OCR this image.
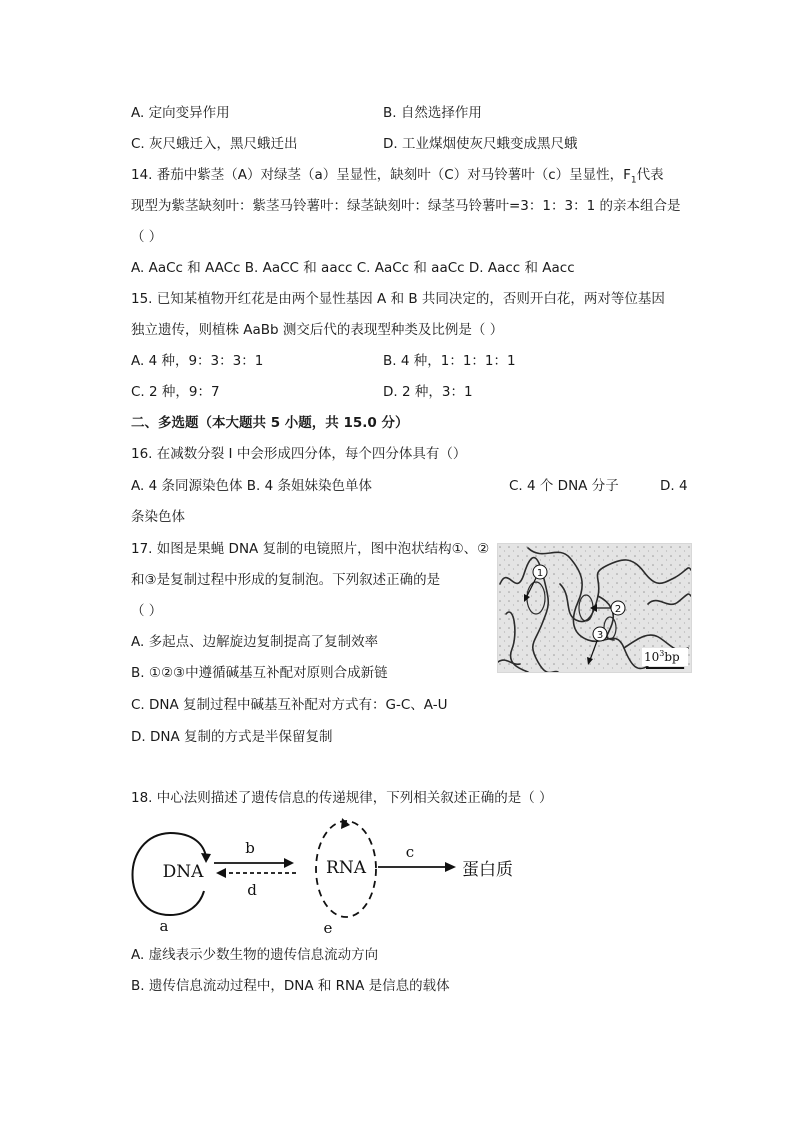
A. 定向变异作用	B. 自然选择作用
C. 灰尺蛾迁入，黑尺蛾迁出	D. 工业煤烟使灰尺蛾变成黑尺蛾
14. 番茄中紫茎（A）对绿茎（a）呈显性，缺刻叶（C）对马铃薯叶（c）呈显性，$F_1$代表
现型为紫茎缺刻叶：紫茎马铃薯叶：绿茎缺刻叶：绿茎马铃薯叶=3：1：3：1 的亲本组合是
（ ）
A. AaCc 和 AACc B. AaCC 和 aacc C. AaCc 和 aaCc D. Aacc 和 Aacc
15. 已知某植物开红花是由两个显性基因 A 和 B 共同决定的，否则开白花，两对等位基因
独立遗传，则植株 AaBb 测交后代的表现型种类及比例是（ ）
A. 4 种，9：3：3：1	B. 4 种，1：1：1：1
C. 2 种，9：7	D. 2 种，3：1
二、多选题（本大题共 5 小题，共 15.0 分）
16. 在减数分裂 I 中会形成四分体，每个四分体具有（）
A. 4 条同源染色体 B. 4 条姐妹染色单体	C. 4 个 DNA 分子	D. 4
条染色体
17. 如图是果蝇 DNA 复制的电镜照片，图中泡状结构①、②
和③是复制过程中形成的复制泡。下列叙述正确的是
（ ）
A. 多起点、边解旋边复制提高了复制效率
B. ①②③中遵循碱基互补配对原则合成新链
C. DNA 复制过程中碱基互补配对方式有：G-C、A-U
D. DNA 复制的方式是半保留复制
1
2
3
$10^3bp$
18. 中心法则描述了遗传信息的传递规律，下列相关叙述正确的是（ ）
DNA
a
b
d
RNA
e
c
蛋白质
A. 虚线表示少数生物的遗传信息流动方向
B. 遗传信息流动过程中，DNA 和 RNA 是信息的载体
